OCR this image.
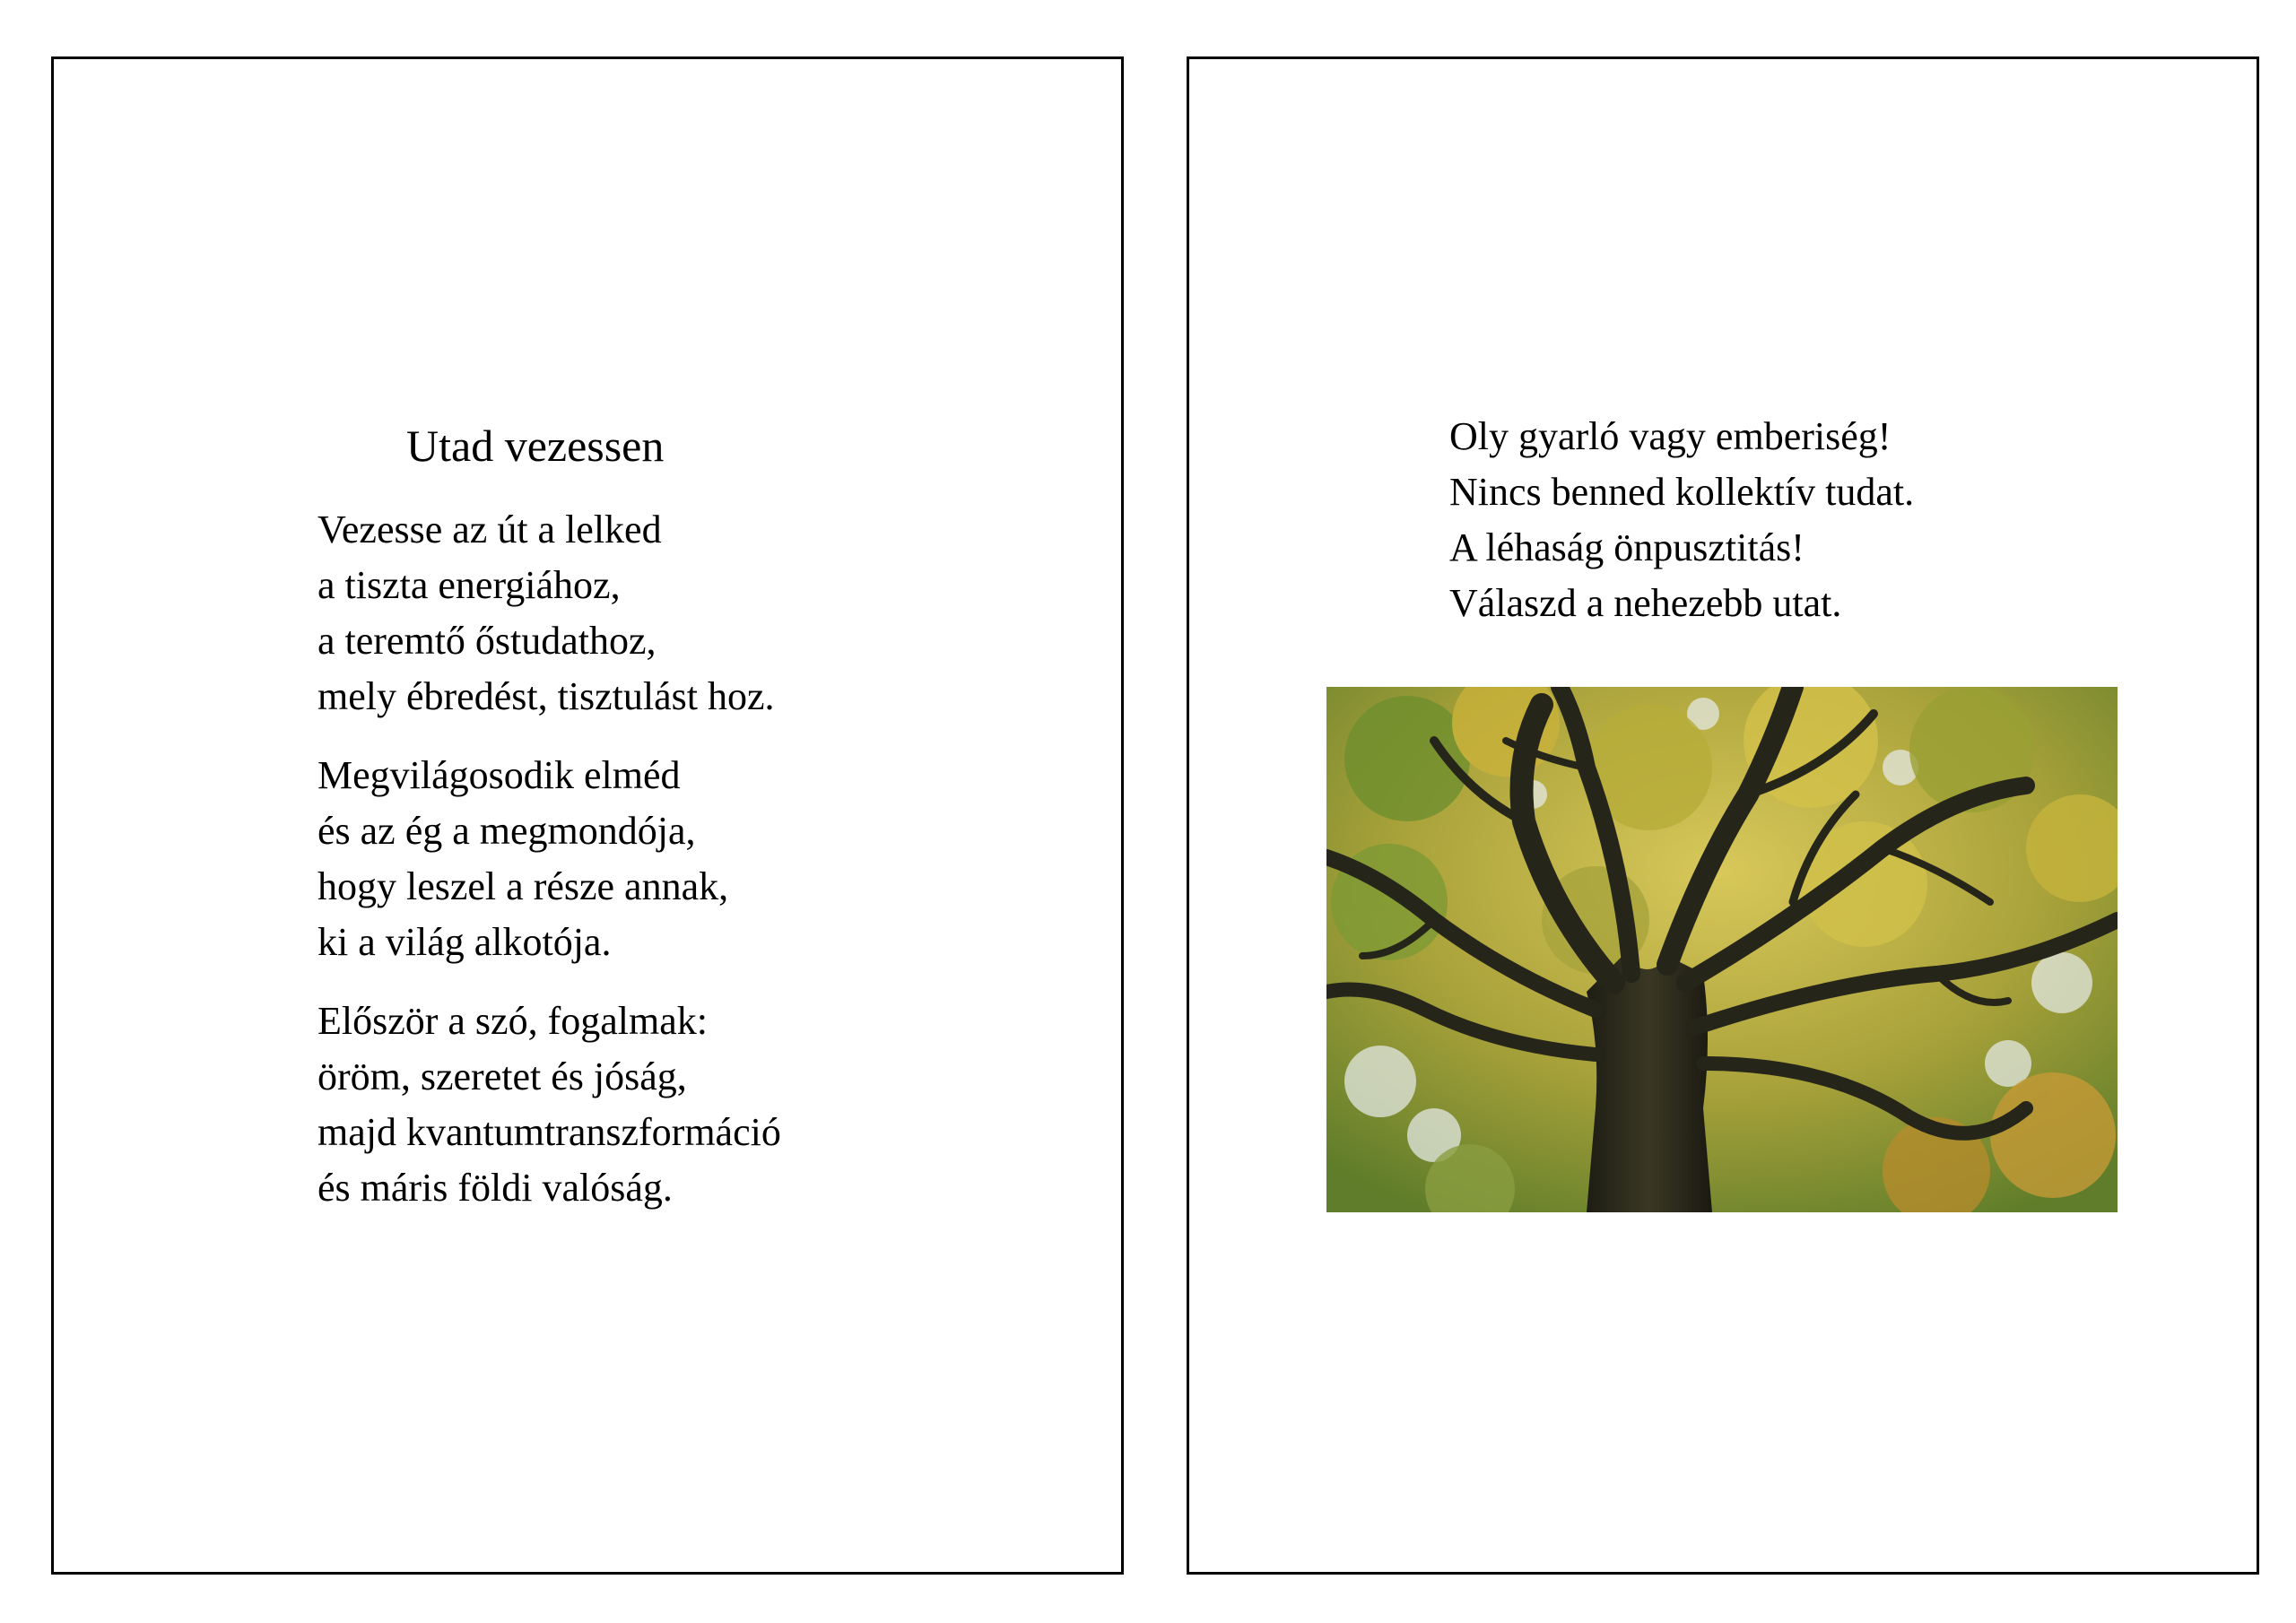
Utad vezessen
Vezesse az út a lelked
a tiszta energiához,
a teremtő őstudathoz,
mely ébredést, tisztulást hoz.
Megvilágosodik elméd
és az ég a megmondója,
hogy leszel a része annak,
ki a világ alkotója.
Először a szó, fogalmak:
öröm, szeretet és jóság,
majd kvantumtranszformáció
és máris földi valóság.
Oly gyarló vagy emberiség!
Nincs benned kollektív tudat.
A léhaság önpusztitás!
Válaszd a nehezebb utat.
